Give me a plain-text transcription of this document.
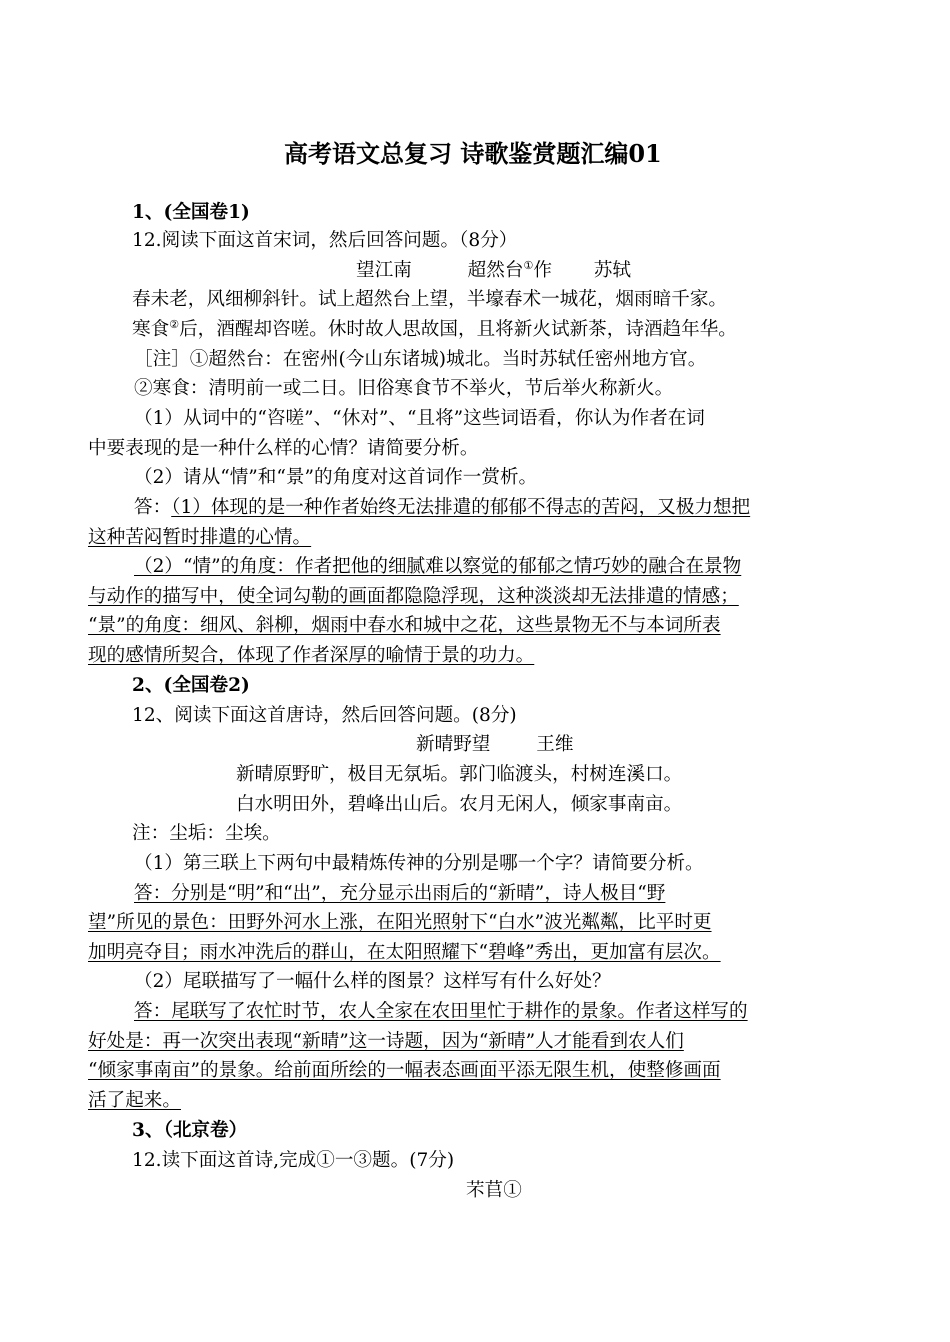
高考语文总复习 诗歌鉴赏题汇编01
1、(全国卷1)
12.阅读下面这首宋词，然后回答问题。（8分）
望江南	超然台①作 苏轼
春未老，风细柳斜针。试上超然台上望，半壕春术一城花，烟雨暗千家。
寒食②后，酒醒却咨嗟。休时故人思故国，且将新火试新茶，诗酒趋年华。
［注］①超然台：在密州(今山东诸城)城北。当时苏轼任密州地方官。
②寒食：清明前一或二日。旧俗寒食节不举火，节后举火称新火。
（1）从词中的“咨嗟”、“休对”、“且将”这些词语看，你认为作者在词
中要表现的是一种什么样的心情？请简要分析。
（2）请从“情”和“景”的角度对这首词作一赏析。
答：（1）体现的是一种作者始终无法排遣的郁郁不得志的苦闷，又极力想把
这种苦闷暂时排遣的心情。
（2）“情”的角度：作者把他的细腻难以察觉的郁郁之情巧妙的融合在景物
与动作的描写中，使全词勾勒的画面都隐隐浮现，这种淡淡却无法排遣的情感；
“景”的角度：细风、斜柳，烟雨中春水和城中之花，这些景物无不与本词所表
现的感情所契合，体现了作者深厚的喻情于景的功力。
2、(全国卷2)
12、阅读下面这首唐诗，然后回答问题。(8分)
新晴野望 王维
新晴原野旷，极目无氛垢。郭门临渡头，村树连溪口。
白水明田外，碧峰出山后。农月无闲人，倾家事南亩。
注：尘垢：尘埃。
（1）第三联上下两句中最精炼传神的分别是哪一个字？请简要分析。
答：分别是“明”和“出”，充分显示出雨后的“新晴”，诗人极目“野
望”所见的景色：田野外河水上涨，在阳光照射下“白水”波光粼粼，比平时更
加明亮夺目；雨水冲洗后的群山，在太阳照耀下“碧峰”秀出，更加富有层次。
（2）尾联描写了一幅什么样的图景？这样写有什么好处？
答：尾联写了农忙时节，农人全家在农田里忙于耕作的景象。作者这样写的
好处是：再一次突出表现“新晴”这一诗题，因为“新晴”人才能看到农人们
“倾家事南亩”的景象。给前面所绘的一幅表态画面平添无限生机，使整修画面
活了起来。
3、（北京卷）
12.读下面这首诗,完成①一③题。(7分)
芣苢①
